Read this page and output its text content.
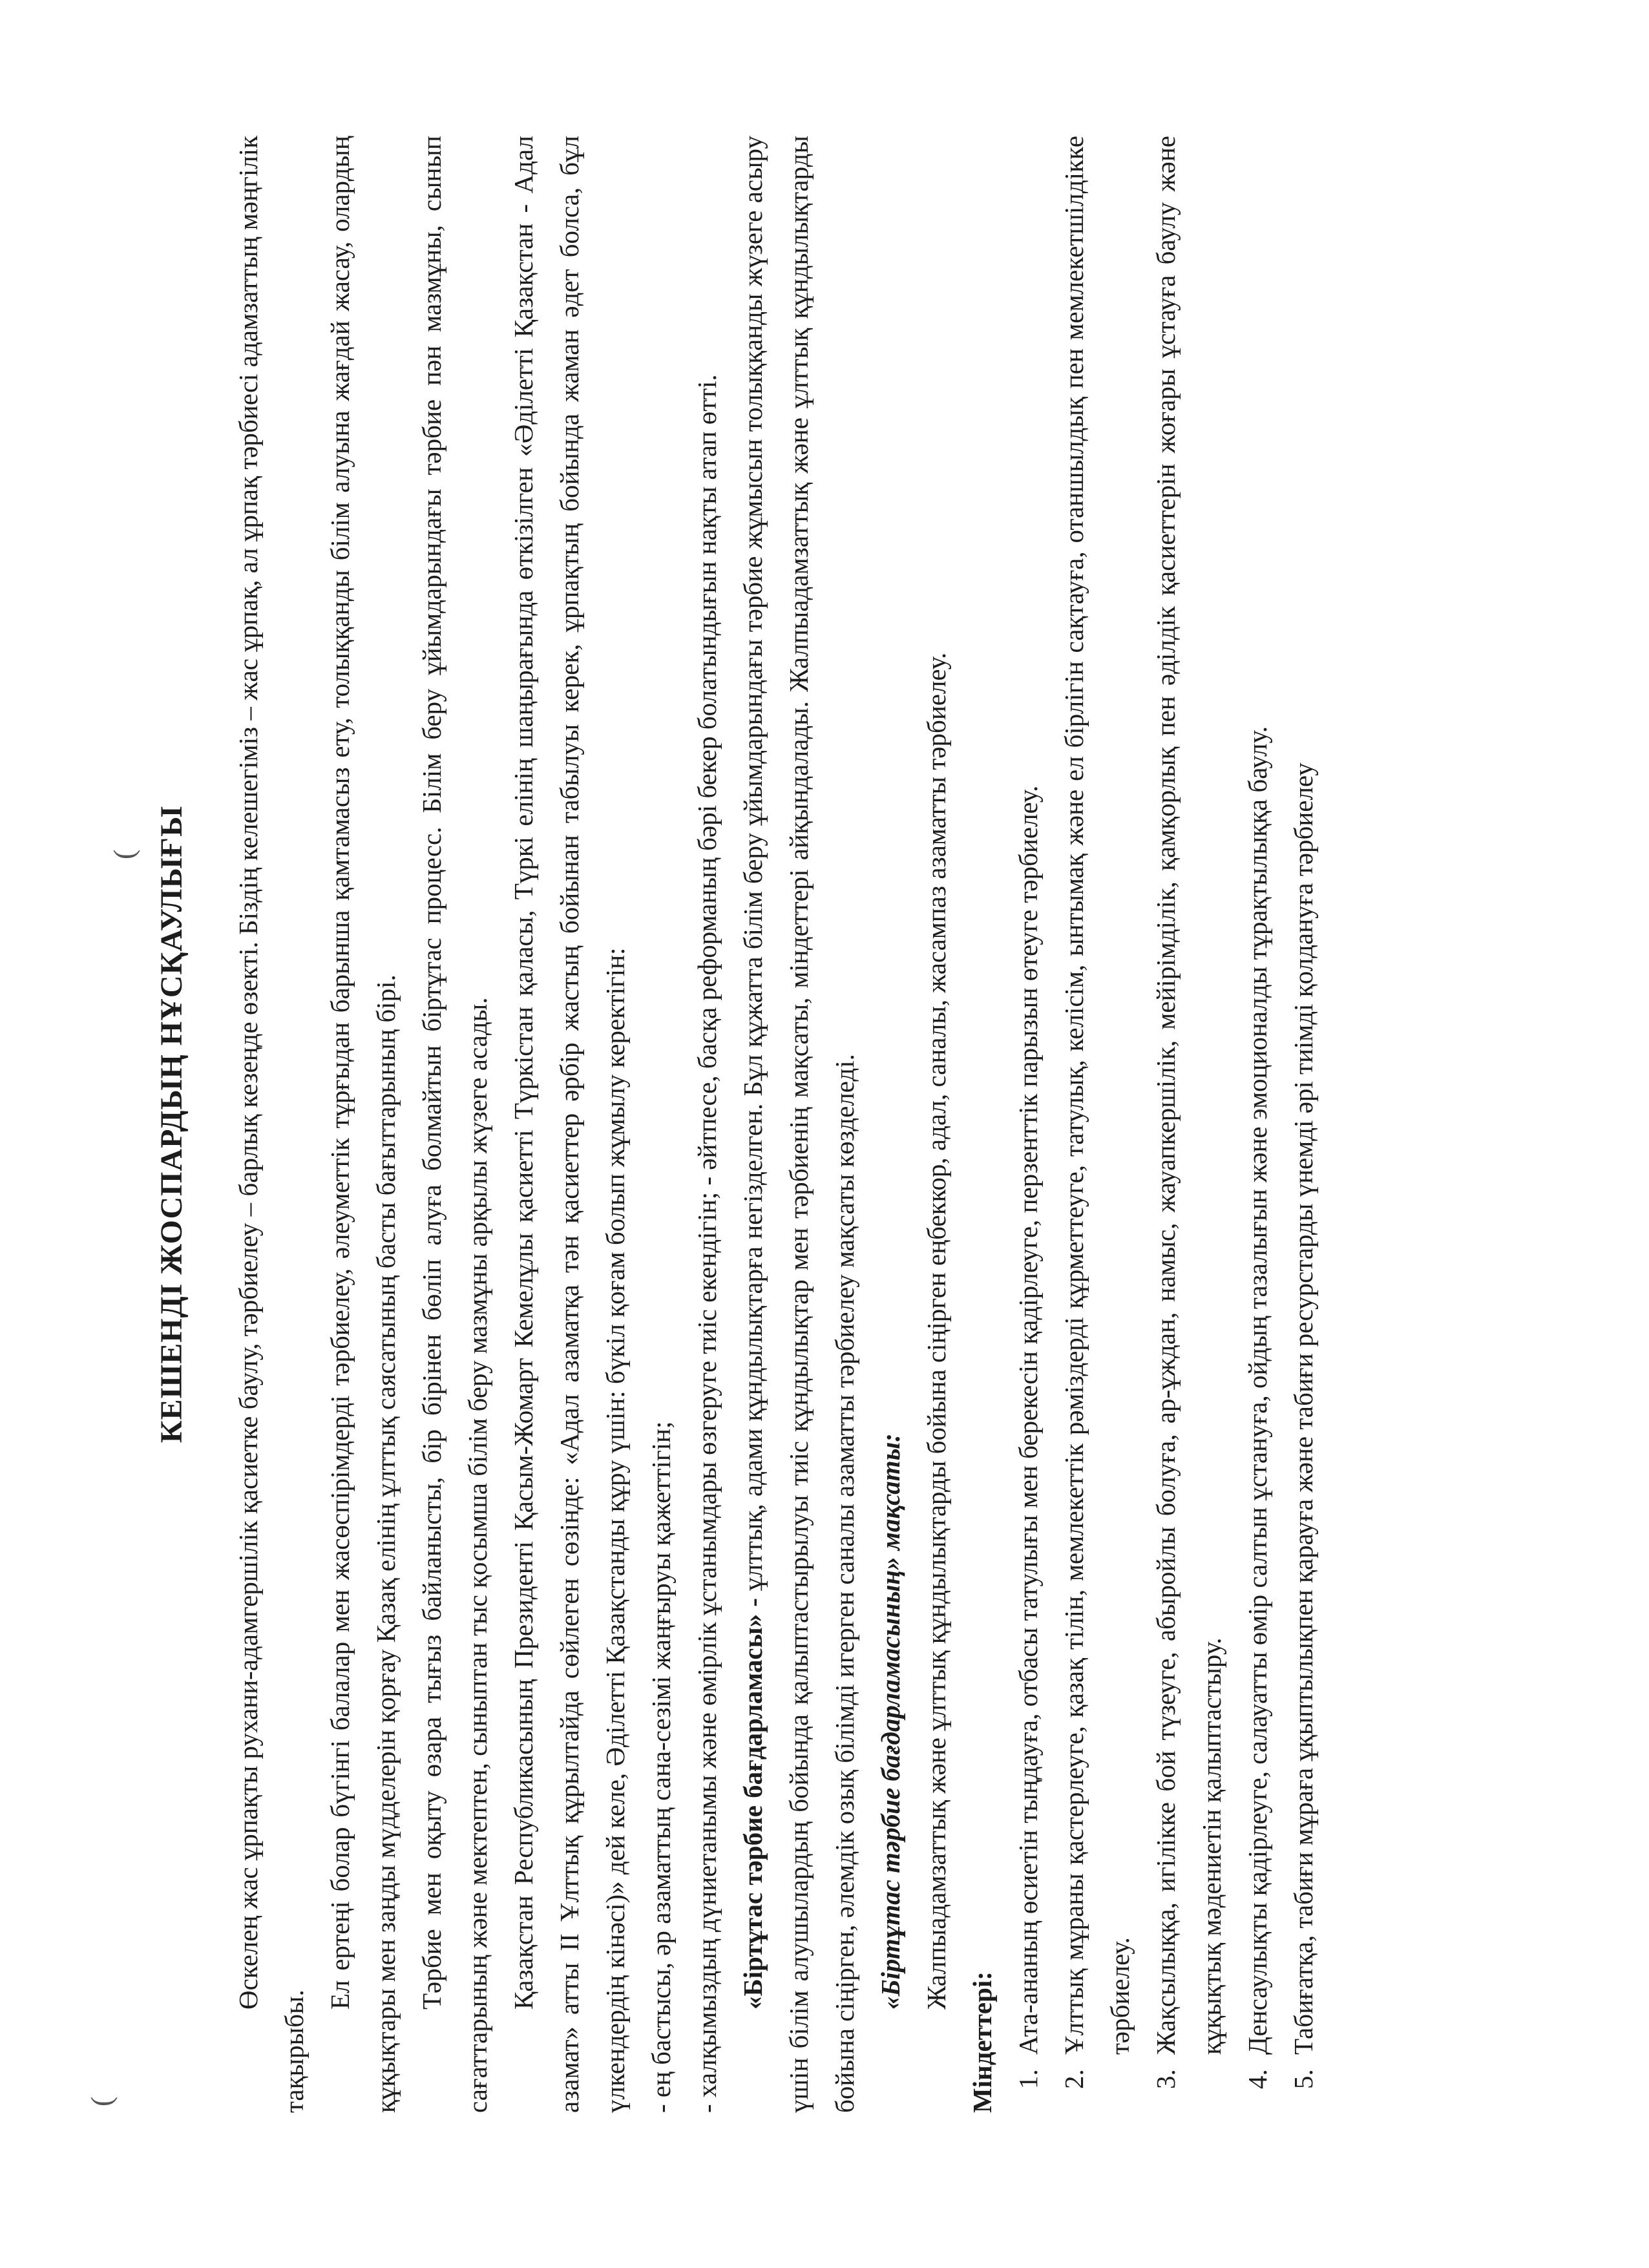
(
( КЕШЕНДІ ЖОСПАРДЫҢ НҰСҚАУЛЫҒЫ Өскелең жас ұрпақты рухани-адамгершілік қасиетке баулу, тәрбиелеу – барлық кезеңде өзекті. Біздің келешегіміз – жас ұрпақ, ал ұрпақ тәрбиесі адамзаттың мәңгілік тақырыбы.

Ел ертеңі болар бүгінгі балалар мен жасөспірімдерді тәрбиелеу, әлеуметтік тұрғыдан барынша қамтамасыз ету, толыққанды білім алуына жағдай жасау, олардың құқықтары мен заңды мүдделерін қорғау Қазақ елінің ұлттық саясатының басты бағыттарының бірі. Тәрбие мен оқыту өзара тығыз байланысты, бір бірінен бөліп алуға болмайтын біртұтас процесс. Білім беру ұйымдарындағы тәрбие пән мазмұны, сынып сағаттарының және мектептен, сыныптан тыс қосымша білім беру мазмұны арқылы жүзеге асады. Қазақстан Республикасының Президенті Қасым-Жомарт Кемелұлы қасиетті Түркістан қаласы, Түркі елінің шаңырағында өткізілген «Әділетті Қазақстан - Адал азамат» атты ІІ Ұлттық құрылтайда сөйлеген сөзінде: «Адал азаматқа тән қасиеттер әрбір жастың бойынан табылуы керек, ұрпақтың бойында жаман әдет болса, бұл үлкендердің кінәсі)» дей келе, Әділетті Қазақстанды құру үшін: бүкіл қоғам болып жұмылу керектігін: - ең бастысы, әр азаматтың сана-сезімі жаңғыруы қажеттігін; - халқымыздың дүниетанымы және өмірлік ұстанымдары өзгеруге тиіс екендігін; - әйтпесе, басқа реформаның бәрі бекер болатындығын нақты атап өтті. «Біртұтас тәрбие бағдарламасы» - ұлттық, адами құндылықтарға негізделген. Бұл құжатта білім беру ұйымдарындағы тәрбие жұмысын толыққанды жүзеге асыру үшін білім алушылардың бойында қалыптастырылуы тиіс құндылықтар мен тәрбиенің мақсаты, міндеттері айқындалады. Жалпыадамзаттық және ұлттық құндылықтарды бойына сіңірген, әлемдік озық білімді игерген саналы азаматты тәрбиелеу мақсаты көзделеді. «Біртұтас тәрбие бағдарламасының» мақсаты: Жалпыадамзаттық және ұлттық құндылықтарды бойына сіңірген еңбеккор, адал, саналы, жасампаз азаматты тәрбиелеу.

Міндеттері: 1. Ата-ананың өсиетін тыңдауға, отбасы татулығы мен берекесін қадірлеуге, перзенттік парызын өтеуге тәрбиелеу. 2. Ұлттық мұраны қастерлеуге, қазақ тілін, мемлекеттік рәміздерді құрметтеуге, татулық, келісім, ынтымақ және ел бірлігін сақтауға, отаншылдық пен мемлекетшілдікке тәрбиелеу. 3. Жақсылыққа, игілікке бой түзеуге, абыройлы болуға, ар-ұждан, намыс, жауапкершілік, мейірімділік, қамқорлық пен әділдік қасиеттерін жоғары ұстауға баулу және құқықтық мәдениетін қалыптастыру. 4. Денсаулықты қадірлеуге, салауатты өмір салтын ұстануға, ойдың тазалығын және эмоционалды тұрақтылыққа баулу. 5. Табиғатқа, табиғи мұраға ұқыптылықпен қарауға және табиғи ресурстарды үнемді әрі тиімді қолдануға тәрбиелеу
